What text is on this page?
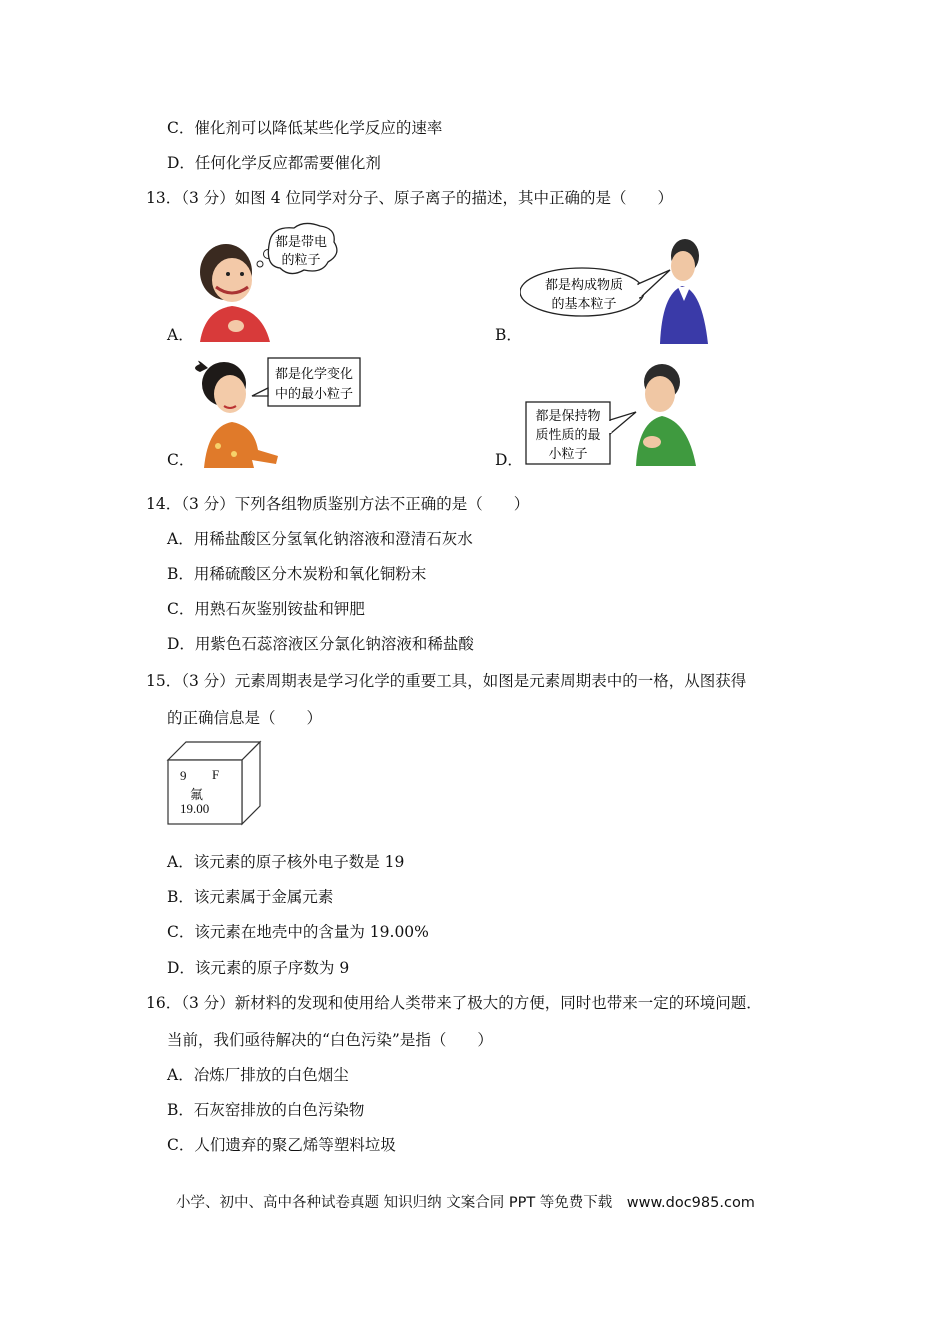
C．催化剂可以降低某些化学反应的速率
D．任何化学反应都需要催化剂
13．（3 分）如图 4 位同学对分子、原子离子的描述，其中正确的是（　　）
都是带电
的粒子
A．
都是构成物质
的基本粒子
B．
都是化学变化
中的最小粒子
C．
都是保持物
质性质的最
小粒子
D．
14．（3 分）下列各组物质鉴别方法不正确的是（　　）
A．用稀盐酸区分氢氧化钠溶液和澄清石灰水
B．用稀硫酸区分木炭粉和氧化铜粉末
C．用熟石灰鉴别铵盐和钾肥
D．用紫色石蕊溶液区分氯化钠溶液和稀盐酸
15．（3 分）元素周期表是学习化学的重要工具，如图是元素周期表中的一格，从图获得
的正确信息是（　　）
9 F
氟
19.00
A．该元素的原子核外电子数是 19
B．该元素属于金属元素
C．该元素在地壳中的含量为 19.00%
D．该元素的原子序数为 9
16．（3 分）新材料的发现和使用给人类带来了极大的方便，同时也带来一定的环境问题．
当前，我们亟待解决的“白色污染”是指（　　）
A．冶炼厂排放的白色烟尘
B．石灰窑排放的白色污染物
C．人们遗弃的聚乙烯等塑料垃圾
小学、初中、高中各种试卷真题 知识归纳 文案合同 PPT 等免费下载　www.doc985.com
